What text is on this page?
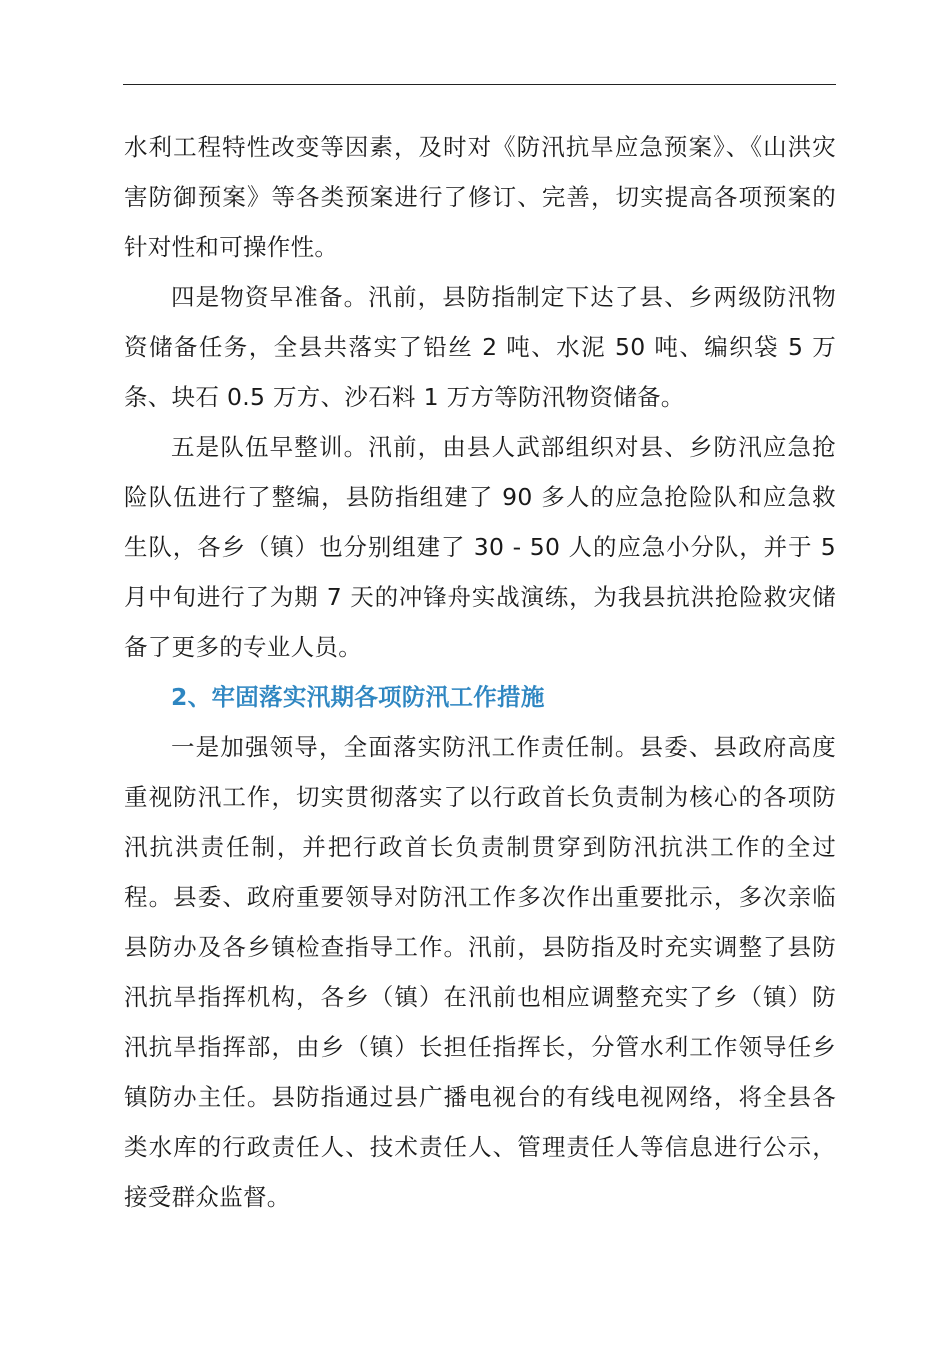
水利工程特性改变等因素，及时对《防汛抗旱应急预案》、《山洪灾害防御预案》等各类预案进行了修订、完善，切实提高各项预案的针对性和可操作性。

四是物资早准备。汛前，县防指制定下达了县、乡两级防汛物资储备任务，全县共落实了铅丝 2 吨、水泥 50 吨、编织袋 5 万条、块石 0.5 万方、沙石料 1 万方等防汛物资储备。

五是队伍早整训。汛前，由县人武部组织对县、乡防汛应急抢险队伍进行了整编，县防指组建了 90 多人的应急抢险队和应急救生队，各乡（镇）也分别组建了 30 - 50 人的应急小分队，并于 5 月中旬进行了为期 7 天的冲锋舟实战演练，为我县抗洪抢险救灾储备了更多的专业人员。

2、牢固落实汛期各项防汛工作措施

一是加强领导，全面落实防汛工作责任制。县委、县政府高度重视防汛工作，切实贯彻落实了以行政首长负责制为核心的各项防汛抗洪责任制，并把行政首长负责制贯穿到防汛抗洪工作的全过程。县委、政府重要领导对防汛工作多次作出重要批示，多次亲临县防办及各乡镇检查指导工作。汛前，县防指及时充实调整了县防汛抗旱指挥机构，各乡（镇）在汛前也相应调整充实了乡（镇）防汛抗旱指挥部，由乡（镇）长担任指挥长，分管水利工作领导任乡镇防办主任。县防指通过县广播电视台的有线电视网络，将全县各类水库的行政责任人、技术责任人、管理责任人等信息进行公示，接受群众监督。
